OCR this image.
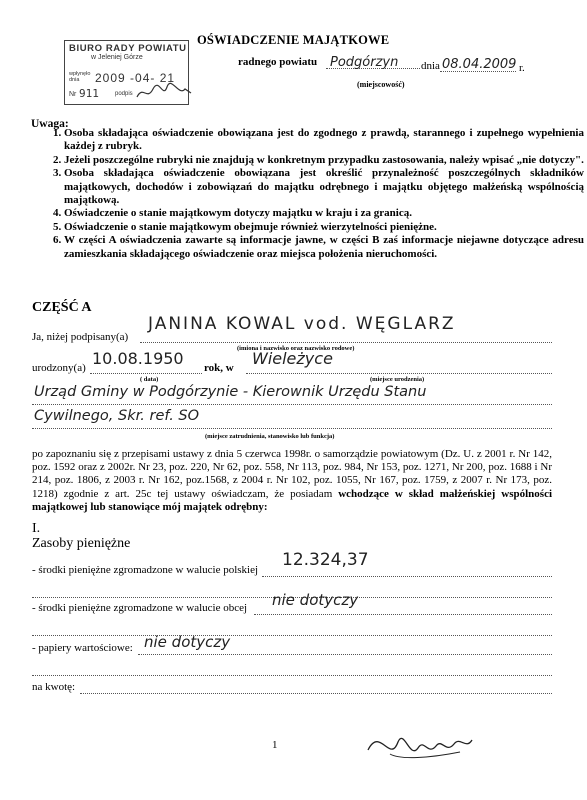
OŚWIADCZENIE MAJĄTKOWE
radnego powiatu Podgórzyn dnia 08.04.2009 r.
(miejscowość)
BIURO RADY POWIATU
w Jeleniej Górze
wpłynęło dnia	2009 -04- 21
Nr 911	podpis
Uwaga:
1. Osoba składająca oświadczenie obowiązana jest do zgodnego z prawdą, starannego i zupełnego wypełnienia każdej z rubryk.
2. Jeżeli poszczególne rubryki nie znajdują w konkretnym przypadku zastosowania, należy wpisać „nie dotyczy".
3. Osoba składająca oświadczenie obowiązana jest określić przynależność poszczególnych składników majątkowych, dochodów i zobowiązań do majątku odrębnego i majątku objętego małżeńską wspólnością majątkową.
4. Oświadczenie o stanie majątkowym dotyczy majątku w kraju i za granicą.
5. Oświadczenie o stanie majątkowym obejmuje również wierzytelności pieniężne.
6. W części A oświadczenia zawarte są informacje jawne, w części B zaś informacje niejawne dotyczące adresu zamieszkania składającego oświadczenie oraz miejsca położenia nieruchomości.
CZĘŚĆ A
Ja, niżej podpisany(a)
JANINA KOWAL vod. WĘGLARZ
(imiona i nazwisko oraz nazwisko rodowe)
urodzony(a) 10.08.1950 rok, w Wieleżyce
( data)	(miejsce urodzenia)
Urząd Gminy w Podgórzynie - Kierownik Urzędu Stanu
Cywilnego, Skr. ref. SO
(miejsce zatrudnienia, stanowisko lub funkcja)
po zapoznaniu się z przepisami ustawy z dnia 5 czerwca 1998r. o samorządzie powiatowym (Dz. U. z 2001 r. Nr 142, poz. 1592 oraz z 2002r. Nr 23, poz. 220, Nr 62, poz. 558, Nr 113, poz. 984, Nr 153, poz. 1271, Nr 200, poz. 1688 i Nr 214, poz. 1806, z 2003 r. Nr 162, poz.1568, z 2004 r. Nr 102, poz. 1055, Nr 167, poz. 1759, z 2007 r. Nr 173, poz. 1218) zgodnie z art. 25c tej ustawy oświadczam, że posiadam wchodzące w skład małżeńskiej wspólności majątkowej lub stanowiące mój majątek odrębny:
I.
Zasoby pieniężne
- środki pieniężne zgromadzone w walucie polskiej 12.324,37
- środki pieniężne zgromadzone w walucie obcej nie dotyczy
- papiery wartościowe: nie dotyczy
na kwotę:
1
